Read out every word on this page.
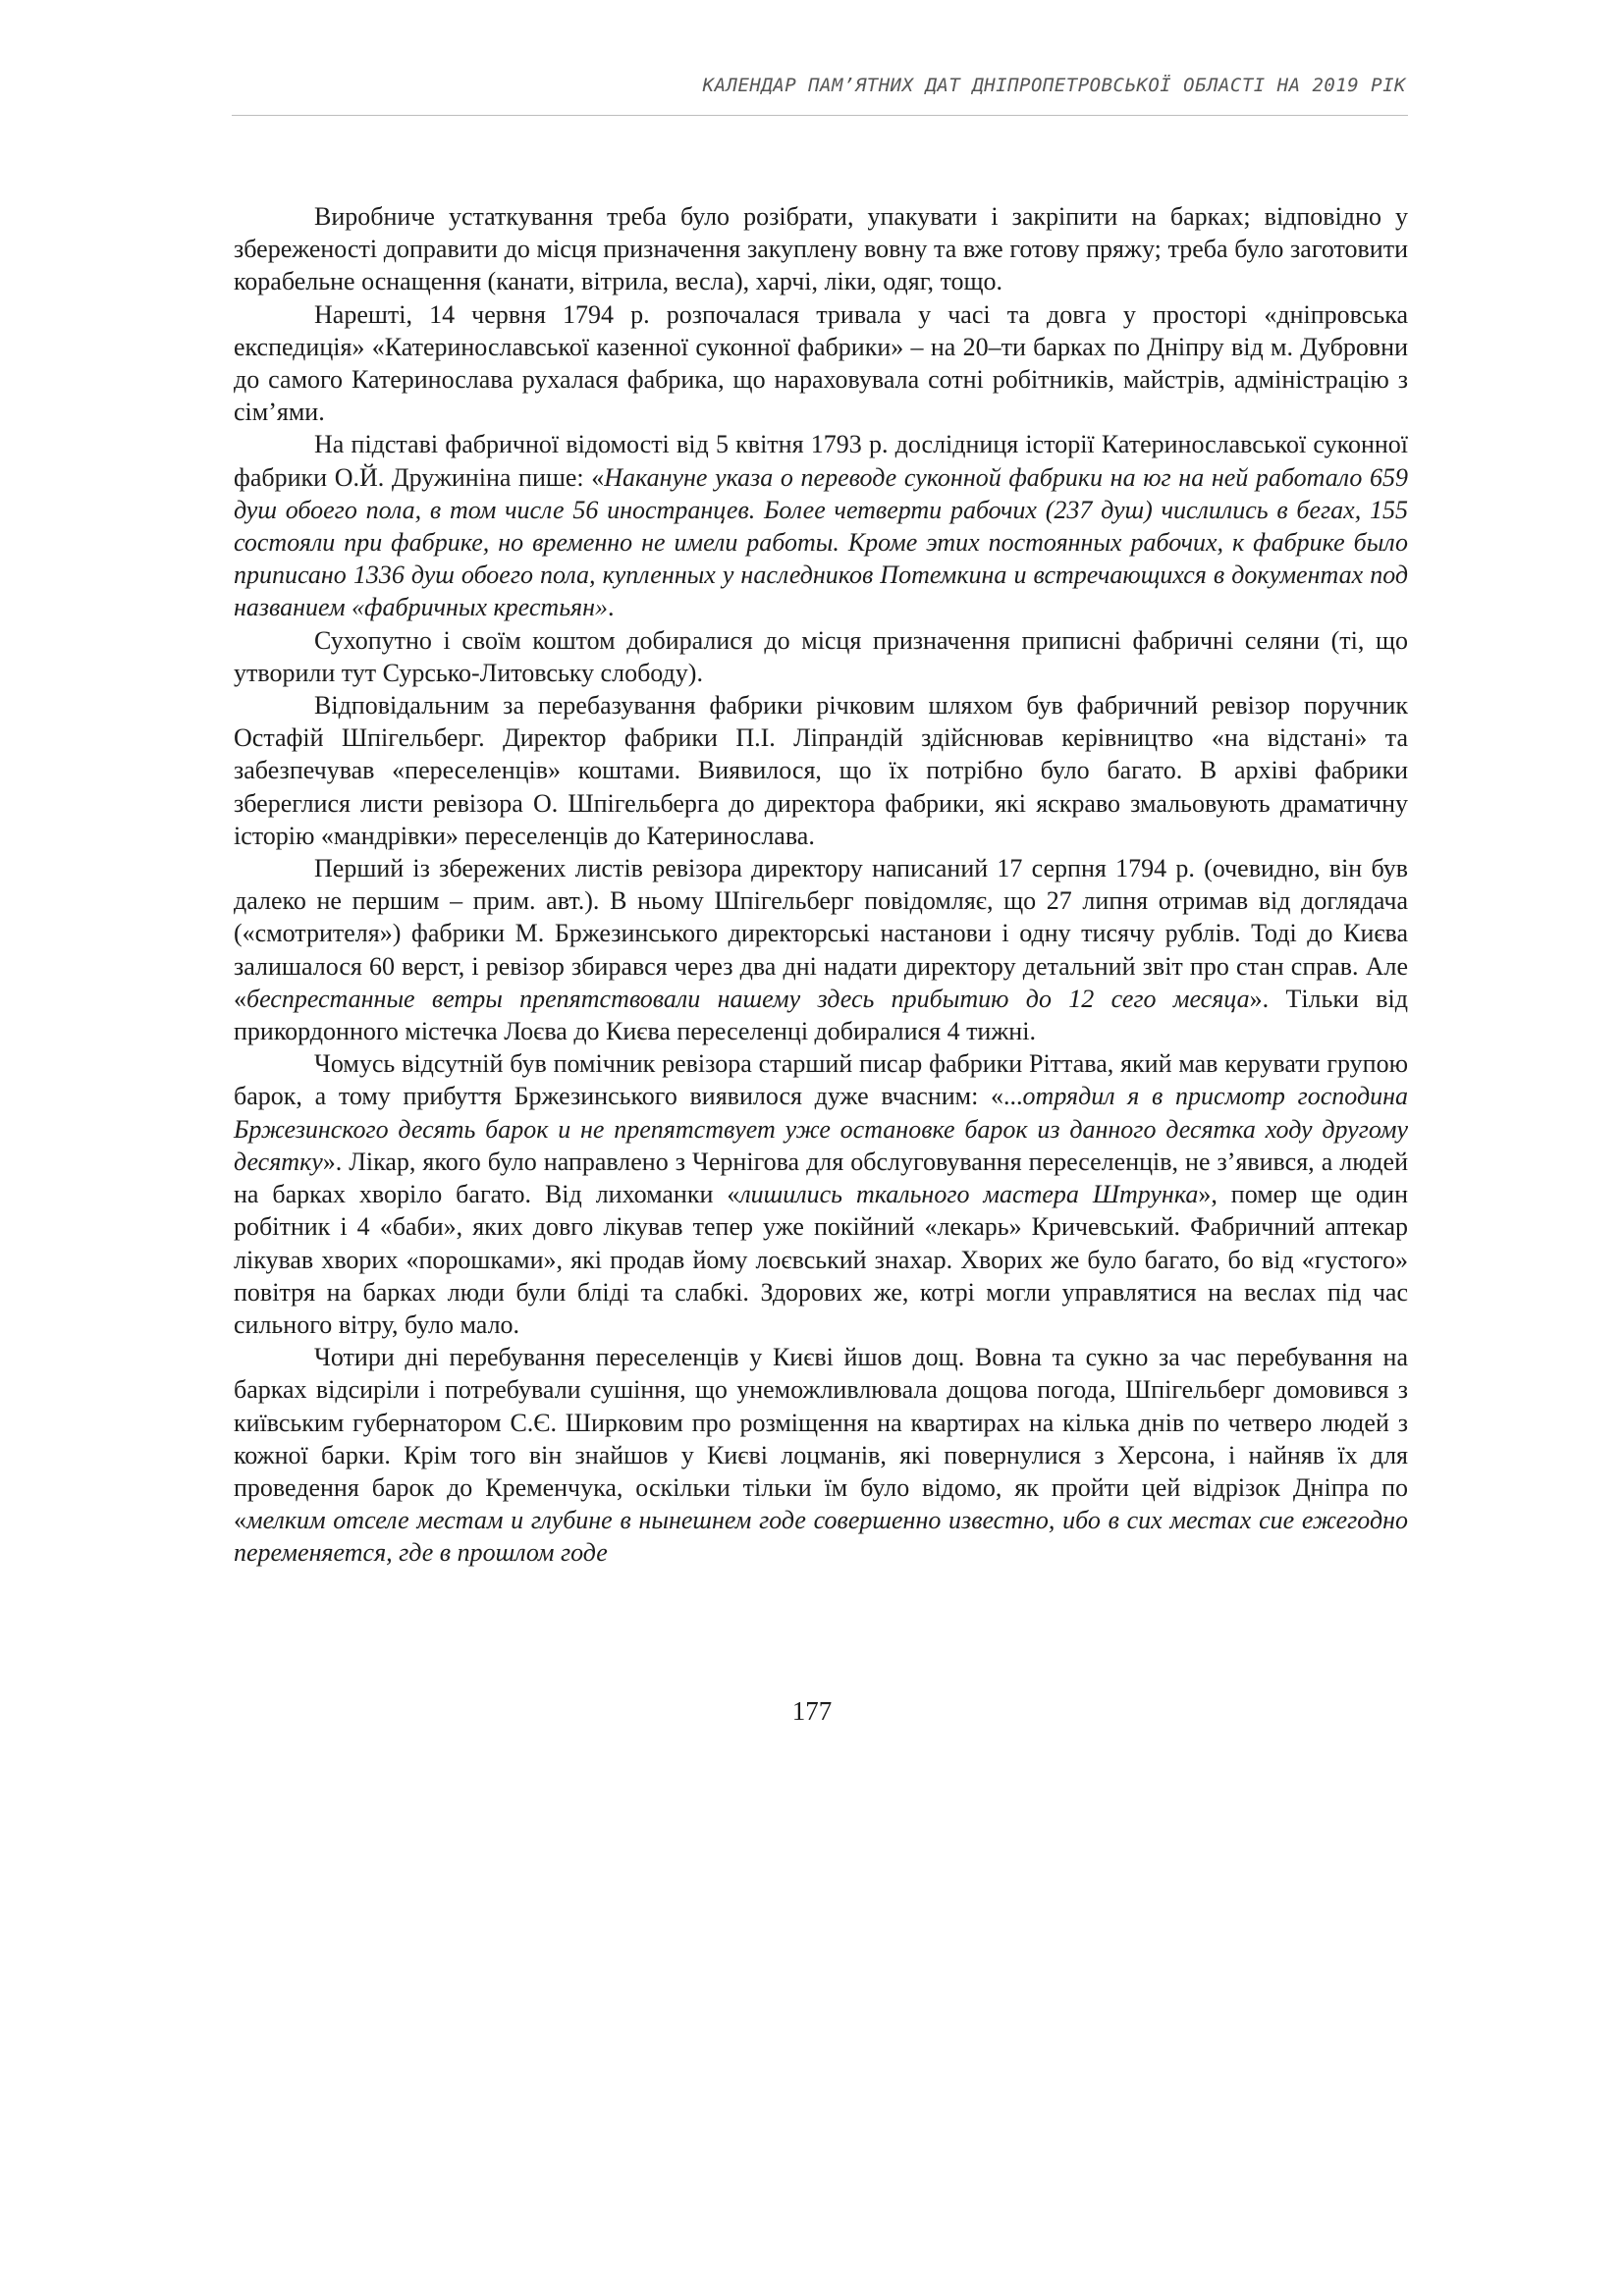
КАЛЕНДАР ПАМ’ЯТНИХ ДАТ ДНІПРОПЕТРОВСЬКОЇ ОБЛАСТІ НА 2019 РІК

Виробниче устаткування треба було розібрати, упакувати і закріпити на барках; відповідно у збереженості доправити до місця призначення закуплену вовну та вже готову пряжу; треба було заготовити корабельне оснащення (канати, вітрила, весла), харчі, ліки, одяг, тощо.

Нарешті, 14 червня 1794 р. розпочалася тривала у часі та довга у просторі «дніпровська експедиція» «Катеринославської казенної суконної фабрики» – на 20–ти барках по Дніпру від м. Дубровни до самого Катеринослава рухалася фабрика, що нараховувала сотні робітників, майстрів, адміністрацію з сім’ями.

На підставі фабричної відомості від 5 квітня 1793 р. дослідниця історії Катеринославської суконної фабрики О.Й. Дружиніна пише: «Накануне указа о переводе суконной фабрики на юг на ней работало 659 душ обоего пола, в том числе 56 иностранцев. Более четверти рабочих (237 душ) числились в бегах, 155 состояли при фабрике, но временно не имели работы. Кроме этих постоянных рабочих, к фабрике было приписано 1336 душ обоего пола, купленных у наследников Потемкина и встречающихся в документах под названием «фабричных крестьян».

Сухопутно і своїм коштом добиралися до місця призначення приписні фабричні селяни (ті, що утворили тут Сурсько-Литовську слободу).

Відповідальним за перебазування фабрики річковим шляхом був фабричний ревізор поручник Остафій Шпігельберг. Директор фабрики П.І. Ліпрандій здійснював керівництво «на відстані» та забезпечував «переселенців» коштами. Виявилося, що їх потрібно було багато. В архіві фабрики збереглися листи ревізора О. Шпігельберга до директора фабрики, які яскраво змальовують драматичну історію «мандрівки» переселенців до Катеринослава.

Перший із збережених листів ревізора директору написаний 17 серпня 1794 р. (очевидно, він був далеко не першим – прим. авт.). В ньому Шпігельберг повідомляє, що 27 липня отримав від доглядача («смотрителя») фабрики М. Бржезинського директорські настанови і одну тисячу рублів. Тоді до Києва залишалося 60 верст, і ревізор збирався через два дні надати директору детальний звіт про стан справ. Але «беспрестанные ветры препятствовали нашему здесь прибытию до 12 сего месяца». Тільки від прикордонного містечка Лоєва до Києва переселенці добиралися 4 тижні.

Чомусь відсутній був помічник ревізора старший писар фабрики Ріттава, який мав керувати групою барок, а тому прибуття Бржезинського виявилося дуже вчасним: «...отрядил я в присмотр господина Бржезинского десять барок и не препятствует уже остановке барок из данного десятка ходу другому десятку». Лікар, якого було направлено з Чернігова для обслуговування переселенців, не з’явився, а людей на барках хворіло багато. Від лихоманки «лишились ткального мастера Штрунка», помер ще один робітник і 4 «баби», яких довго лікував тепер уже покійний «лекарь» Кричевський. Фабричний аптекар лікував хворих «порошками», які продав йому лоєвський знахар. Хворих же було багато, бо від «густого» повітря на барках люди були бліді та слабкі. Здорових же, котрі могли управлятися на веслах під час сильного вітру, було мало.

Чотири дні перебування переселенців у Києві йшов дощ. Вовна та сукно за час перебування на барках відсиріли і потребували сушіння, що унеможливлювала дощова погода, Шпігельберг домовився з київським губернатором С.Є. Ширковим про розміщення на квартирах на кілька днів по четверо людей з кожної барки. Крім того він знайшов у Києві лоцманів, які повернулися з Херсона, і найняв їх для проведення барок до Кременчука, оскільки тільки їм було відомо, як пройти цей відрізок Дніпра по «мелким отселе местам и глубине в нынешнем годе совершенно известно, ибо в сих местах сие ежегодно переменяется, где в прошлом годе

177
